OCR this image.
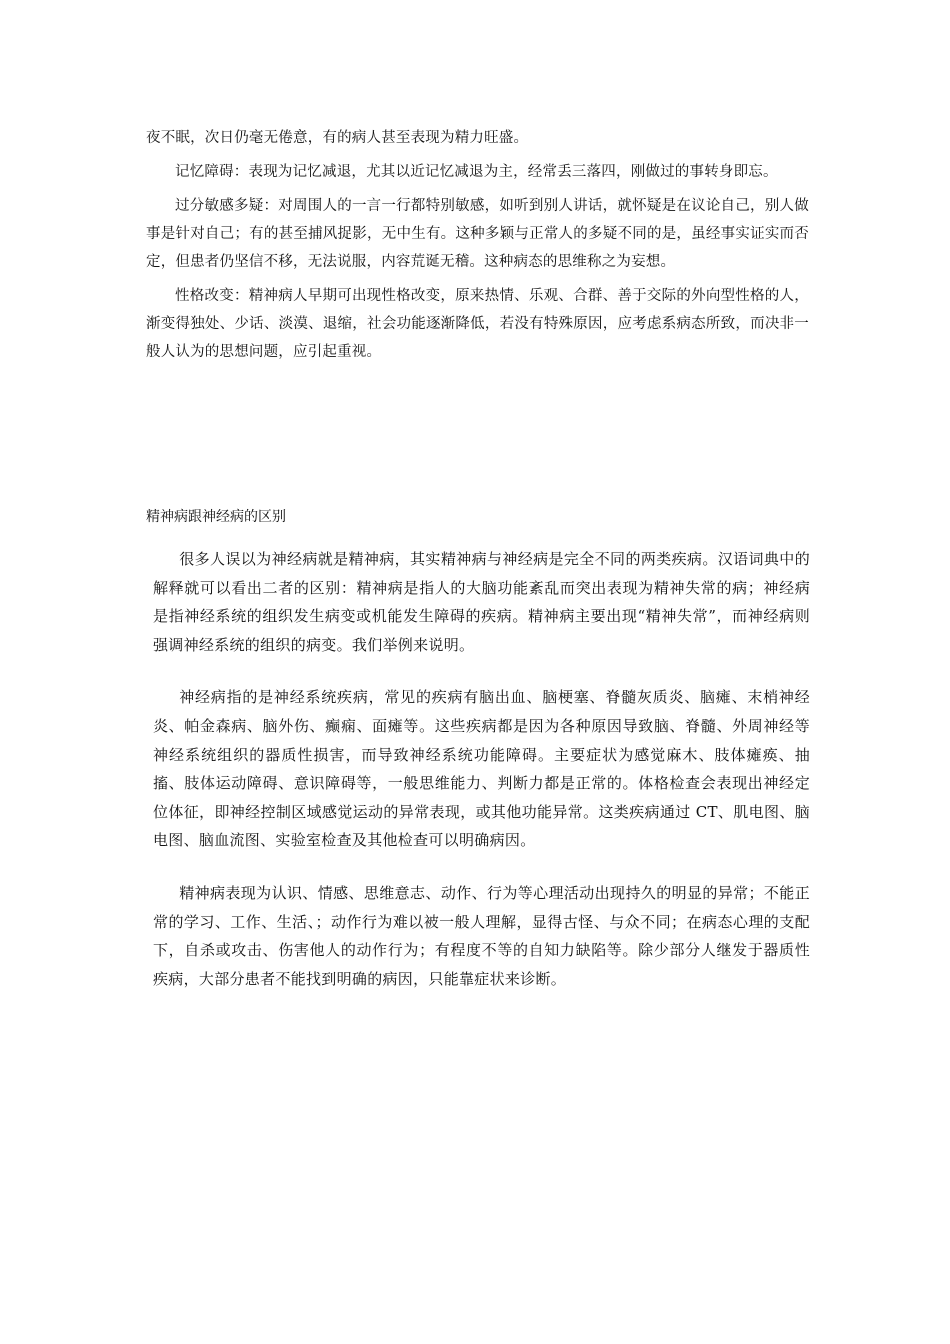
夜不眠，次日仍毫无倦意，有的病人甚至表现为精力旺盛。

记忆障碍：表现为记忆减退，尤其以近记忆减退为主，经常丢三落四，刚做过的事转身即忘。

过分敏感多疑：对周围人的一言一行都特别敏感，如听到别人讲话，就怀疑是在议论自己，别人做事是针对自己；有的甚至捕风捉影，无中生有。这种多颖与正常人的多疑不同的是，虽经事实证实而否定，但患者仍坚信不移，无法说服，内容荒诞无稽。这种病态的思维称之为妄想。

性格改变：精神病人早期可出现性格改变，原来热情、乐观、合群、善于交际的外向型性格的人，渐变得独处、少话、淡漠、退缩，社会功能逐渐降低，若没有特殊原因，应考虑系病态所致，而决非一般人认为的思想问题，应引起重视。

精神病跟神经病的区别

很多人误以为神经病就是精神病，其实精神病与神经病是完全不同的两类疾病。汉语词典中的解释就可以看出二者的区别：精神病是指人的大脑功能紊乱而突出表现为精神失常的病；神经病是指神经系统的组织发生病变或机能发生障碍的疾病。精神病主要出现“精神失常”，而神经病则强调神经系统的组织的病变。我们举例来说明。

神经病指的是神经系统疾病，常见的疾病有脑出血、脑梗塞、脊髓灰质炎、脑瘫、末梢神经炎、帕金森病、脑外伤、癫痫、面瘫等。这些疾病都是因为各种原因导致脑、脊髓、外周神经等神经系统组织的器质性损害，而导致神经系统功能障碍。主要症状为感觉麻木、肢体瘫痪、抽搐、肢体运动障碍、意识障碍等，一般思维能力、判断力都是正常的。体格检查会表现出神经定位体征，即神经控制区域感觉运动的异常表现，或其他功能异常。这类疾病通过 CT、肌电图、脑电图、脑血流图、实验室检查及其他检查可以明确病因。

精神病表现为认识、情感、思维意志、动作、行为等心理活动出现持久的明显的异常；不能正常的学习、工作、生活、；动作行为难以被一般人理解，显得古怪、与众不同；在病态心理的支配下，自杀或攻击、伤害他人的动作行为；有程度不等的自知力缺陷等。除少部分人继发于器质性疾病，大部分患者不能找到明确的病因，只能靠症状来诊断。
